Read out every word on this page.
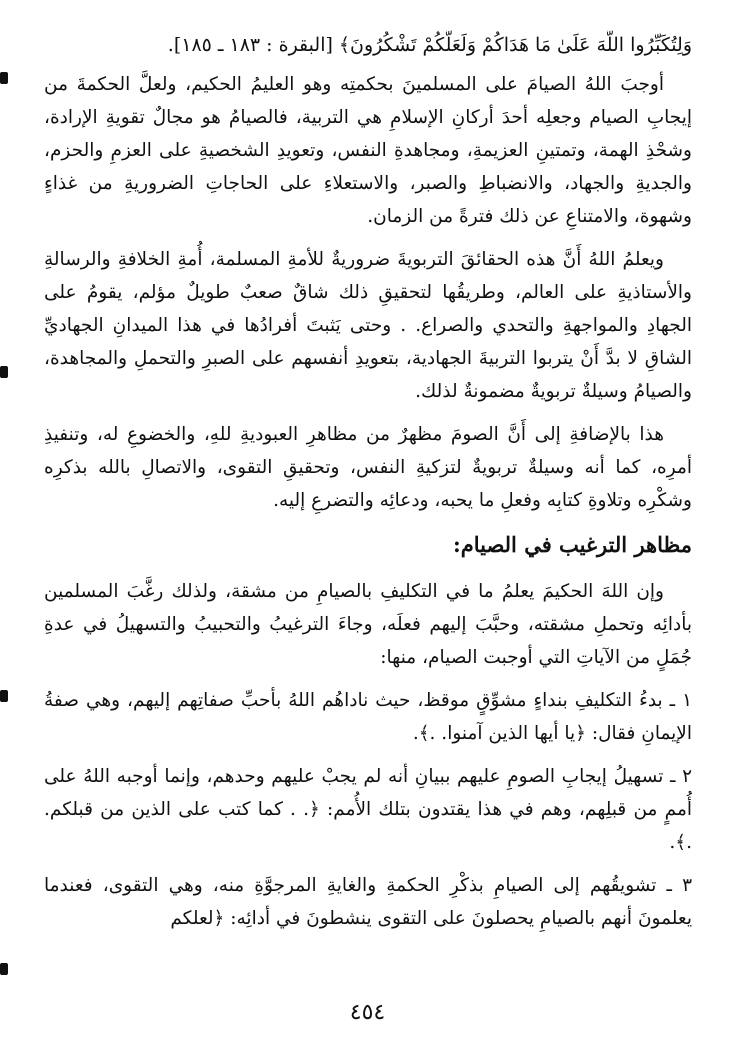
وَلِتُكَبِّرُوا اللَّهَ عَلَىٰ مَا هَدَاكُمْ وَلَعَلَّكُمْ تَشْكُرُونَ﴾ [البقرة : ١٨٣ ـ ١٨٥].

أوجبَ اللهُ الصيامَ على المسلمينَ بحكمتِه وهو العليمُ الحكيم، ولعلَّ الحكمةَ من إيجابِ الصيام وجعلِه أحدَ أركانِ الإسلامِ هي التربية، فالصيامُ هو مجالٌ تقويةِ الإرادة، وشحْذِ الهمة، وتمتينِ العزيمةِ، ومجاهدةِ النفس، وتعويدِ الشخصيةِ على العزمِ والحزم، والجديةِ والجهاد، والانضباطِ والصبر، والاستعلاءِ على الحاجاتِ الضروريةِ من غذاءٍ وشهوة، والامتناعِ عن ذلك فترةً من الزمان.

ويعلمُ اللهُ أَنَّ هذه الحقائقَ التربويةَ ضروريةٌ للأمةِ المسلمة، أُمةِ الخلافةِ والرسالةِ والأستاذيةِ على العالم، وطريقُها لتحقيقِ ذلك شاقٌ صعبٌ طويلٌ مؤلم، يقومُ على الجهادِ والمواجهةِ والتحدي والصراع. . وحتى يَثبتَ أفرادُها في هذا الميدانِ الجهاديِّ الشاقِ لا بدَّ أَنْ يتربوا التربيةَ الجهادية، بتعويدِ أنفسهم على الصبرِ والتحملِ والمجاهدة، والصيامُ وسيلةٌ تربويةٌ مضمونةٌ لذلك.

هذا بالإضافةِ إلى أَنَّ الصومَ مظهرٌ من مظاهرِ العبوديةِ للهِ، والخضوعِ له، وتنفيذِ أمرِه، كما أنه وسيلةٌ تربويةٌ لتزكيةِ النفس، وتحقيقِ التقوى، والاتصالِ بالله بذكرِه وشكْرِه وتلاوةِ كتابِه وفعلِ ما يحبه، ودعائِه والتضرعِ إليه.

مظاهر الترغيب في الصيام:

وإن اللهَ الحكيمَ يعلمُ ما في التكليفِ بالصيامِ من مشقة، ولذلك رغَّبَ المسلمين بأدائِه وتحملِ مشقته، وحبَّبَ إليهم فعلَه، وجاءَ الترغيبُ والتحبيبُ والتسهيلُ في عدةِ جُمَلٍ من الآياتِ التي أوجبت الصيام، منها:

١ ـ بدءُ التكليفِ بنداءٍ مشوِّقٍ موقظ، حيث ناداهُم اللهُ بأحبِّ صفاتِهم إليهم، وهي صفةُ الإيمانِ فقال: ﴿يا أيها الذين آمنوا. .﴾.

٢ ـ تسهيلُ إيجابِ الصومِ عليهم ببيانِ أنه لم يجبْ عليهم وحدهم، وإنما أوجبه اللهُ على أُممٍ من قبلِهم، وهم في هذا يقتدون بتلك الأُمم: ﴿. . كما كتب على الذين من قبلكم. .﴾.

٣ ـ تشويقُهم إلى الصيامِ بذكْرِ الحكمةِ والغايةِ المرجوَّةِ منه، وهي التقوى، فعندما يعلمونَ أنهم بالصيامِ يحصلونَ على التقوى ينشطونَ في أدائِه: ﴿لعلكم

٤٥٤
